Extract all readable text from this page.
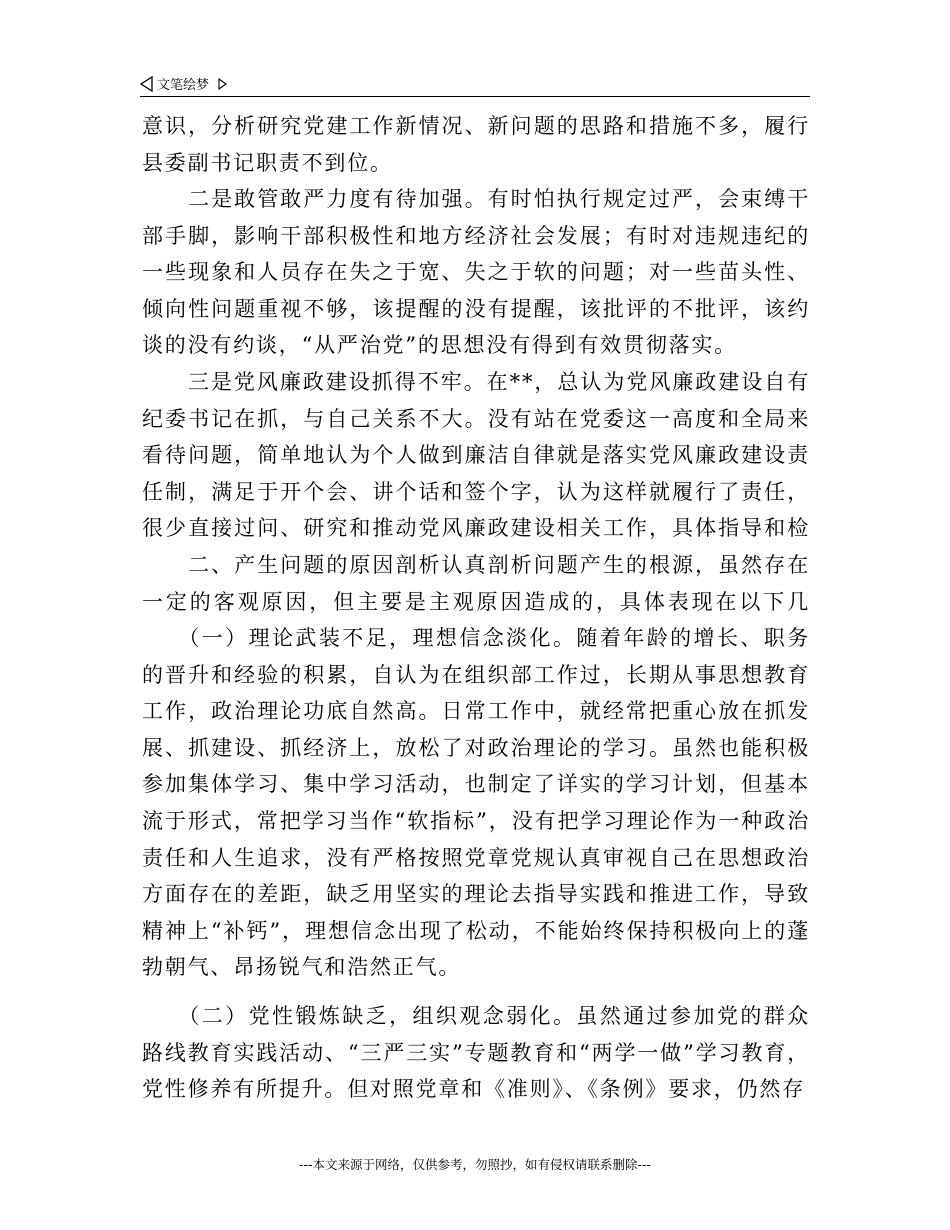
文笔绘梦

意识，分析研究党建工作新情况、新问题的思路和措施不多，履行县委副书记职责不到位。

　　二是敢管敢严力度有待加强。有时怕执行规定过严，会束缚干部手脚，影响干部积极性和地方经济社会发展；有时对违规违纪的一些现象和人员存在失之于宽、失之于软的问题；对一些苗头性、倾向性问题重视不够，该提醒的没有提醒，该批评的不批评，该约谈的没有约谈，“从严治党”的思想没有得到有效贯彻落实。

　　三是党风廉政建设抓得不牢。在**，总认为党风廉政建设自有纪委书记在抓，与自己关系不大。没有站在党委这一高度和全局来看待问题，简单地认为个人做到廉洁自律就是落实党风廉政建设责任制，满足于开个会、讲个话和签个字，认为这样就履行了责任，很少直接过问、研究和推动党风廉政建设相关工作，具体指导和检

　　二、产生问题的原因剖析认真剖析问题产生的根源，虽然存在一定的客观原因，但主要是主观原因造成的，具体表现在以下几

　　（一）理论武装不足，理想信念淡化。随着年龄的增长、职务的晋升和经验的积累，自认为在组织部工作过，长期从事思想教育工作，政治理论功底自然高。日常工作中，就经常把重心放在抓发展、抓建设、抓经济上，放松了对政治理论的学习。虽然也能积极参加集体学习、集中学习活动，也制定了详实的学习计划，但基本流于形式，常把学习当作“软指标”，没有把学习理论作为一种政治责任和人生追求，没有严格按照党章党规认真审视自己在思想政治方面存在的差距，缺乏用坚实的理论去指导实践和推进工作，导致精神上“补钙”，理想信念出现了松动，不能始终保持积极向上的蓬勃朝气、昂扬锐气和浩然正气。

　　（二）党性锻炼缺乏，组织观念弱化。虽然通过参加党的群众路线教育实践活动、“三严三实”专题教育和“两学一做”学习教育，党性修养有所提升。但对照党章和《准则》、《条例》要求，仍然存

---本文来源于网络，仅供参考，勿照抄，如有侵权请联系删除---
